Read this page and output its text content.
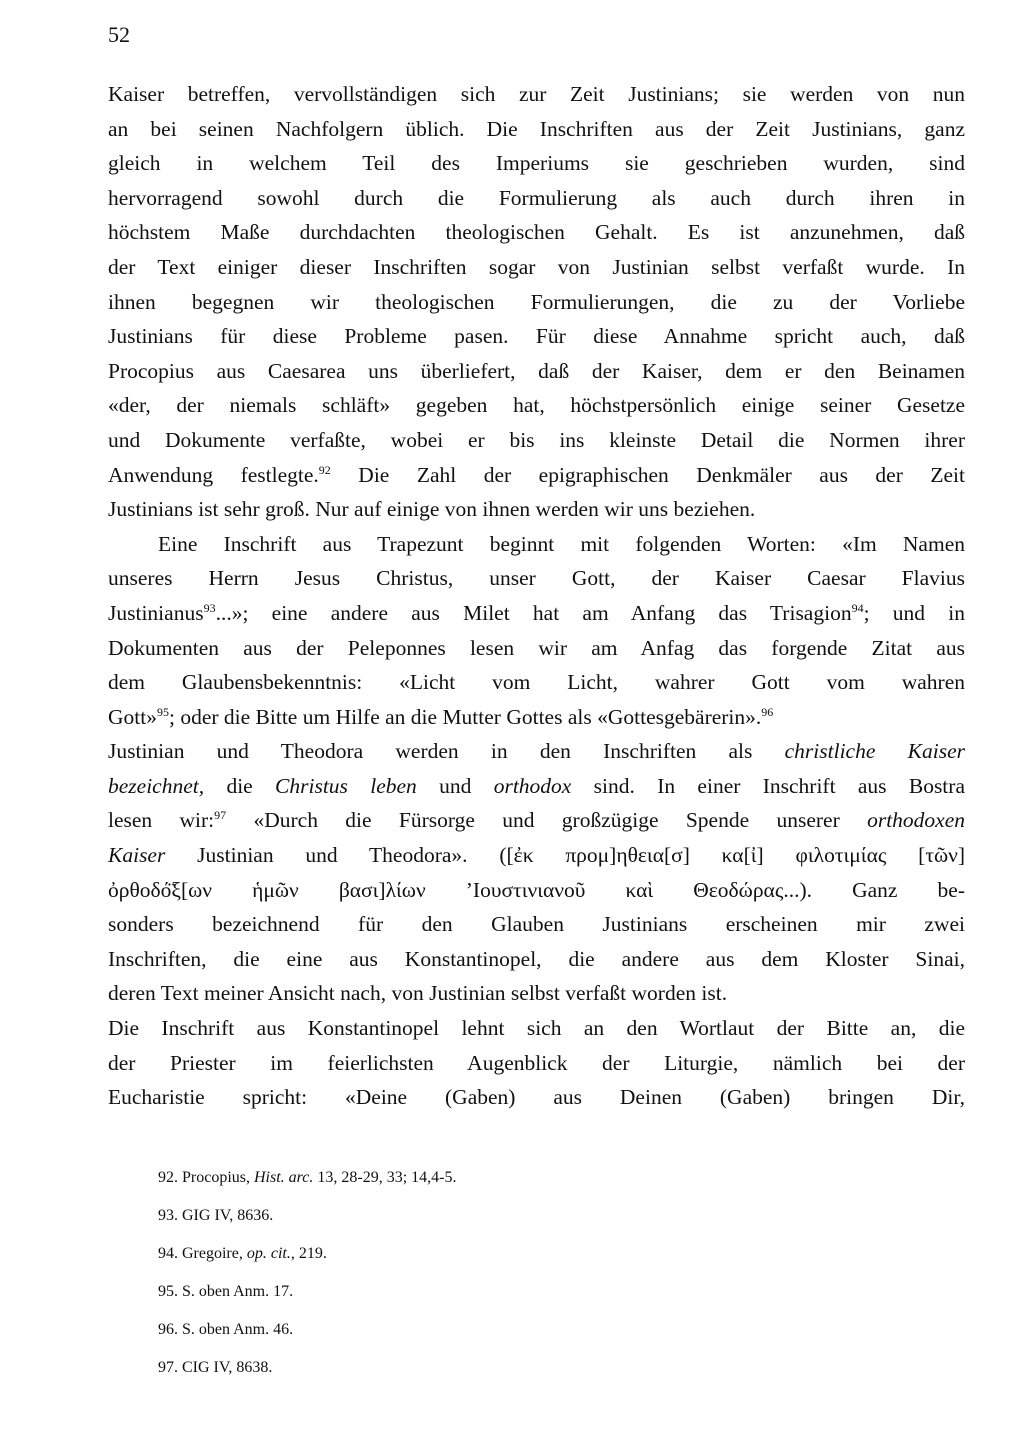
52
Kaiser betreffen, vervollständigen sich zur Zeit Justinians; sie werden von nun
an bei seinen Nachfolgern üblich. Die Inschriften aus der Zeit Justinians, ganz
gleich in welchem Teil des Imperiums sie geschrieben wurden, sind
hervorragend sowohl durch die Formulierung als auch durch ihren in
höchstem Maße durchdachten theologischen Gehalt. Es ist anzunehmen, daß
der Text einiger dieser Inschriften sogar von Justinian selbst verfaßt wurde. In
ihnen begegnen wir theologischen Formulierungen, die zu der Vorliebe
Justinians für diese Probleme pasen. Für diese Annahme spricht auch, daß
Procopius aus Caesarea uns überliefert, daß der Kaiser, dem er den Beinamen
«der, der niemals schläft» gegeben hat, höchstpersönlich einige seiner Gesetze
und Dokumente verfaßte, wobei er bis ins kleinste Detail die Normen ihrer
Anwendung festlegte.$^{92}$ Die Zahl der epigraphischen Denkmäler aus der Zeit
Justinians ist sehr groß. Nur auf einige von ihnen werden wir uns beziehen.
Eine Inschrift aus Trapezunt beginnt mit folgenden Worten: «Im Namen
unseres Herrn Jesus Christus, unser Gott, der Kaiser Caesar Flavius
Justinianus$^{93}$...»; eine andere aus Milet hat am Anfang das Trisagion$^{94}$; und in
Dokumenten aus der Peleponnes lesen wir am Anfag das forgende Zitat aus
dem Glaubensbekenntnis: «Licht vom Licht, wahrer Gott vom wahren
Gott»$^{95}$; oder die Bitte um Hilfe an die Mutter Gottes als «Gottesgebärerin».$^{96}$
Justinian und Theodora werden in den Inschriften als christliche Kaiser
bezeichnet, die Christus leben und orthodox sind. In einer Inschrift aus Bostra
lesen wir:$^{97}$ «Durch die Fürsorge und großzügige Spende unserer orthodoxen
Kaiser Justinian und Theodora». ([ἐκ προμ]ηθεια[σ] κα[ἰ] φιλοτιμίας [τῶν]
ὀρθοδό̈ξ[ων ἡμῶν βασι]λίων ’Ιουστινιανοῦ καὶ Θεοδώρας...). Ganz be-
sonders bezeichnend für den Glauben Justinians erscheinen mir zwei
Inschriften, die eine aus Konstantinopel, die andere aus dem Kloster Sinai,
deren Text meiner Ansicht nach, von Justinian selbst verfaßt worden ist.
Die Inschrift aus Konstantinopel lehnt sich an den Wortlaut der Bitte an, die
der Priester im feierlichsten Augenblick der Liturgie, nämlich bei der
Eucharistie spricht: «Deine (Gaben) aus Deinen (Gaben) bringen Dir,
92. Procopius, Hist. arc. 13, 28-29, 33; 14,4-5.
93. GIG IV, 8636.
94. Gregoire, op. cit., 219.
95. S. oben Anm. 17.
96. S. oben Anm. 46.
97. CIG IV, 8638.
